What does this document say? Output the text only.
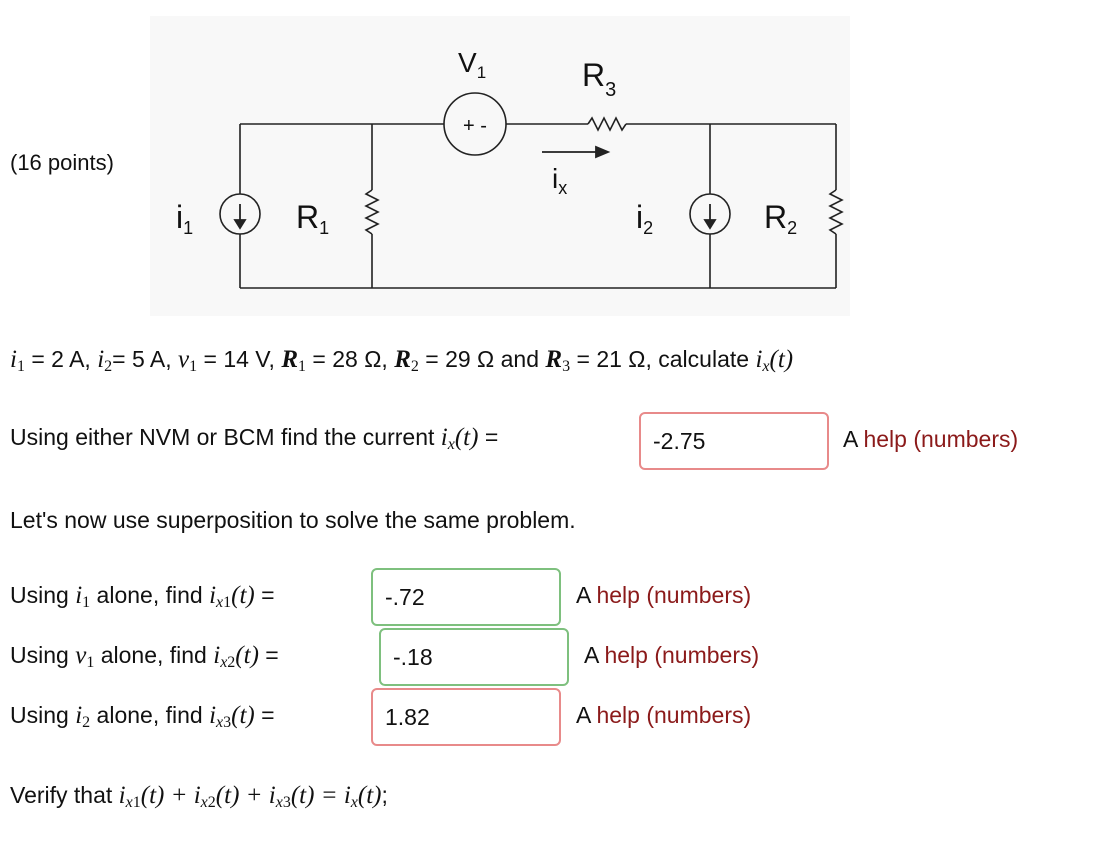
(16 points)
+ -
$V_1$	$R_3$
$i_x$
i1	R1	i2	R2
$i_1 = 2$ A, $i_2= 5$ A, $v_1 = 14$ V, $R_1 = 28$ Ω, $R_2 = 29$ Ω and $R_3 = 21$ Ω, calculate ix(t)
Using either NVM or BCM find the current ix(t) =
-2.75	A help (numbers)
Let's now use superposition to solve the same problem.
Using $i_1$ alone, find $ix_1(t)$ =
-.72	A help (numbers)
Using $v_1$ alone, find $ix_2(t)$ =
-.18	A help (numbers)
Using $i_2$ alone, find $ix_3(t)$ =
1.82	A help (numbers)
Verify that $ix_1(t) + ix_2(t) + ix_3(t) = ix(t)$;
